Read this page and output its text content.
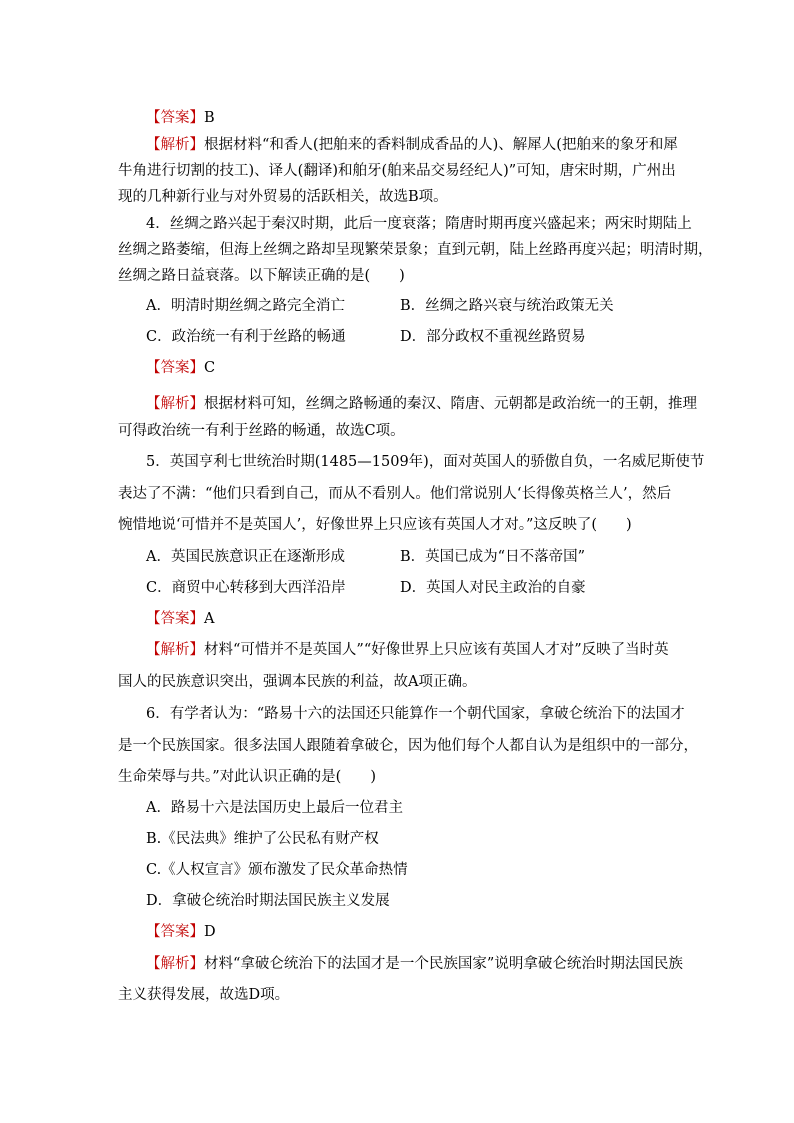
【答案】B
【解析】根据材料“和香人(把舶来的香料制成香品的人)、解犀人(把舶来的象牙和犀
牛角进行切割的技工)、译人(翻译)和舶牙(舶来品交易经纪人)”可知，唐宋时期，广州出
现的几种新行业与对外贸易的活跃相关，故选B项。
4．丝绸之路兴起于秦汉时期，此后一度衰落；隋唐时期再度兴盛起来；两宋时期陆上
丝绸之路萎缩，但海上丝绸之路却呈现繁荣景象；直到元朝，陆上丝路再度兴起；明清时期，
丝绸之路日益衰落。以下解读正确的是(　　)
A．明清时期丝绸之路完全消亡	B．丝绸之路兴衰与统治政策无关
C．政治统一有利于丝路的畅通	D．部分政权不重视丝路贸易
【答案】C
【解析】根据材料可知，丝绸之路畅通的秦汉、隋唐、元朝都是政治统一的王朝，推理
可得政治统一有利于丝路的畅通，故选C项。
5．英国亨利七世统治时期(1485—1509年)，面对英国人的骄傲自负，一名威尼斯使节
表达了不满：“他们只看到自己，而从不看别人。他们常说别人‘长得像英格兰人’，然后
惋惜地说‘可惜并不是英国人’，好像世界上只应该有英国人才对。”这反映了(　　)
A．英国民族意识正在逐渐形成	B．英国已成为“日不落帝国”
C．商贸中心转移到大西洋沿岸	D．英国人对民主政治的自豪
【答案】A
【解析】材料“可惜并不是英国人”“好像世界上只应该有英国人才对”反映了当时英
国人的民族意识突出，强调本民族的利益，故A项正确。
6．有学者认为：“路易十六的法国还只能算作一个朝代国家，拿破仑统治下的法国才
是一个民族国家。很多法国人跟随着拿破仑，因为他们每个人都自认为是组织中的一部分，
生命荣辱与共。”对此认识正确的是(　　)
A．路易十六是法国历史上最后一位君主
B.《民法典》维护了公民私有财产权
C.《人权宣言》颁布激发了民众革命热情
D．拿破仑统治时期法国民族主义发展
【答案】D
【解析】材料“拿破仑统治下的法国才是一个民族国家”说明拿破仑统治时期法国民族
主义获得发展，故选D项。
